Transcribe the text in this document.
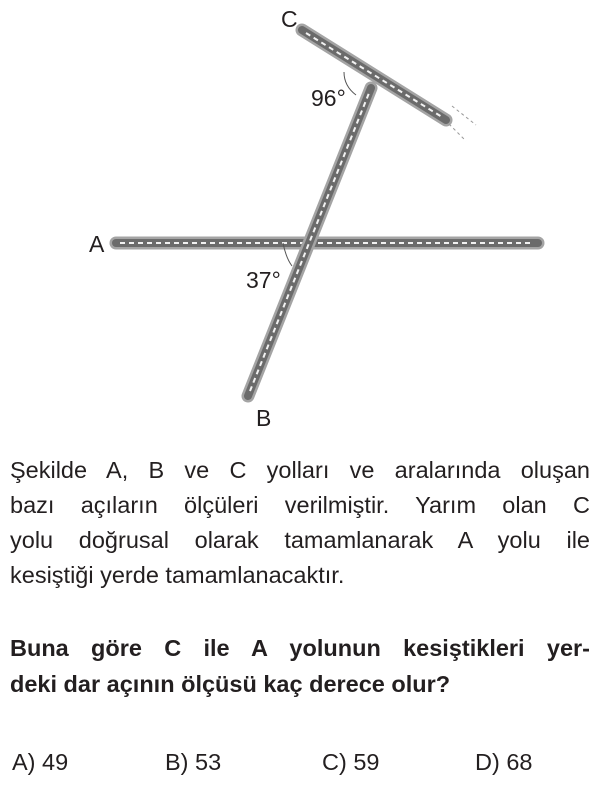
C
A
B
96°
37°
Şekilde A, B ve C yolları ve aralarında oluşan
bazı açıların ölçüleri verilmiştir. Yarım olan C
yolu doğrusal olarak tamamlanarak A yolu ile
kesiştiği yerde tamamlanacaktır.
Buna göre C ile A yolunun kesiştikleri yer-
deki dar açının ölçüsü kaç derece olur?
A) 49	B) 53	C) 59	D) 68
